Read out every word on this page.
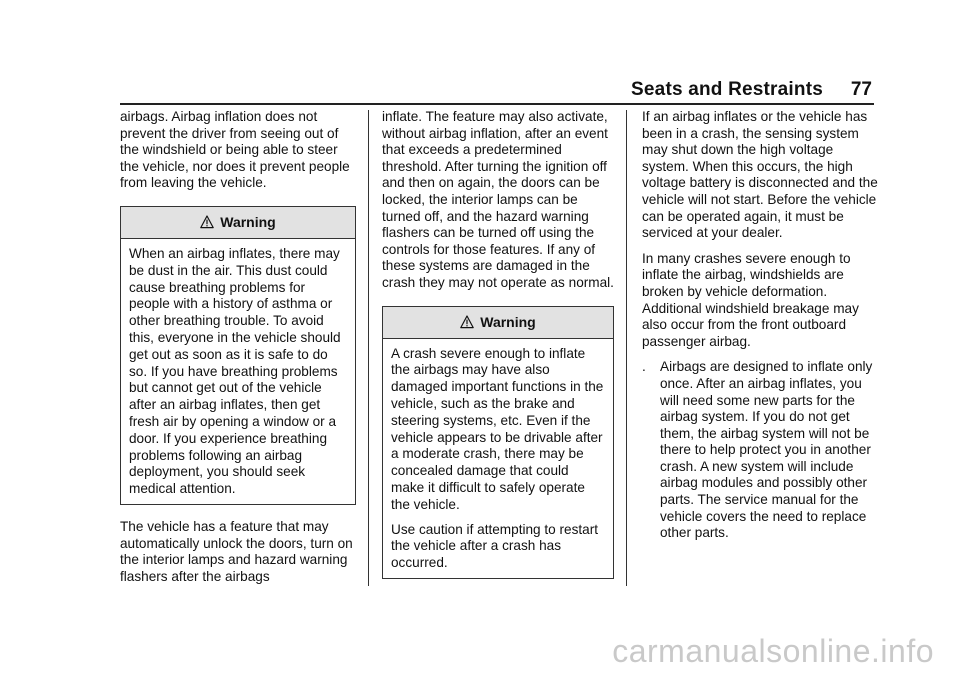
Seats and Restraints 77

airbags. Airbag inflation does not prevent the driver from seeing out of the windshield or being able to steer the vehicle, nor does it prevent people from leaving the vehicle.

Warning

When an airbag inflates, there may be dust in the air. This dust could cause breathing problems for people with a history of asthma or other breathing trouble. To avoid this, everyone in the vehicle should get out as soon as it is safe to do so. If you have breathing problems but cannot get out of the vehicle after an airbag inflates, then get fresh air by opening a window or a door. If you experience breathing problems following an airbag deployment, you should seek medical attention.

The vehicle has a feature that may automatically unlock the doors, turn on the interior lamps and hazard warning flashers after the airbags

inflate. The feature may also activate, without airbag inflation, after an event that exceeds a predetermined threshold. After turning the ignition off and then on again, the doors can be locked, the interior lamps can be turned off, and the hazard warning flashers can be turned off using the controls for those features. If any of these systems are damaged in the crash they may not operate as normal.

Warning

A crash severe enough to inflate the airbags may have also damaged important functions in the vehicle, such as the brake and steering systems, etc. Even if the vehicle appears to be drivable after a moderate crash, there may be concealed damage that could make it difficult to safely operate the vehicle.

Use caution if attempting to restart the vehicle after a crash has occurred.

If an airbag inflates or the vehicle has been in a crash, the sensing system may shut down the high voltage system. When this occurs, the high voltage battery is disconnected and the vehicle will not start. Before the vehicle can be operated again, it must be serviced at your dealer.

In many crashes severe enough to inflate the airbag, windshields are broken by vehicle deformation. Additional windshield breakage may also occur from the front outboard passenger airbag.

.	Airbags are designed to inflate only once. After an airbag inflates, you will need some new parts for the airbag system. If you do not get them, the airbag system will not be there to help protect you in another crash. A new system will include airbag modules and possibly other parts. The service manual for the vehicle covers the need to replace other parts.
carmanualsonline.info
